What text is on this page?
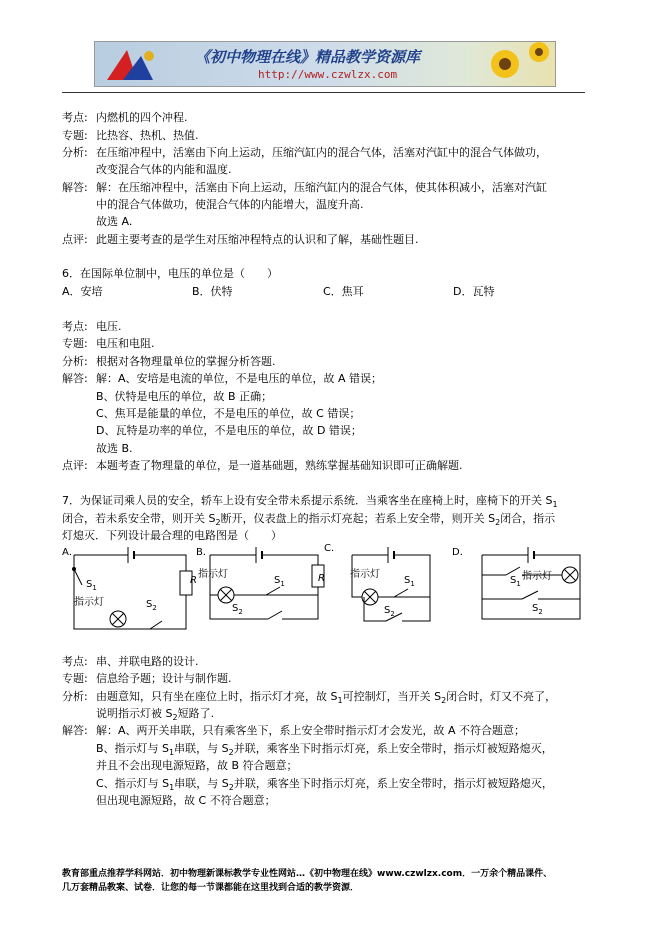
《初中物理在线》精品教学资源库
http://www.czwlzx.com
考点: 内燃机的四个冲程.
专题: 比热容、热机、热值.
分析: 在压缩冲程中，活塞由下向上运动，压缩汽缸内的混合气体，活塞对汽缸中的混合气体做功，
改变混合气体的内能和温度.
解答: 解：在压缩冲程中，活塞由下向上运动，压缩汽缸内的混合气体，使其体积减小，活塞对汽缸
中的混合气体做功，使混合气体的内能增大，温度升高.
故选 A.
点评: 此题主要考查的是学生对压缩冲程特点的认识和了解，基础性题目.
6．在国际单位制中，电压的单位是（　　）
A．安培	B．伏特	C．焦耳	D．瓦特
考点: 电压.
专题: 电压和电阻.
分析: 根据对各物理量单位的掌握分析答题.
解答: 解：A、安培是电流的单位，不是电压的单位，故 A 错误；
B、伏特是电压的单位，故 B 正确；
C、焦耳是能量的单位，不是电压的单位，故 C 错误；
D、瓦特是功率的单位，不是电压的单位，故 D 错误；
故选 B.
点评: 本题考查了物理量的单位，是一道基础题，熟练掌握基础知识即可正确解题.
7．为保证司乘人员的安全，轿车上设有安全带未系提示系统．当乘客坐在座椅上时，座椅下的开关 $S_1$
闭合，若未系安全带，则开关 $S_2$断开，仪表盘上的指示灯亮起；若系上安全带，则开关 $S_2$闭合，指示
灯熄灭．下列设计最合理的电路图是（　　）
A．
R
$S_1$
指示灯	$S_2$
B．
指示灯
$S_1$	R
$S_2$
C．
指示灯
$S_1$
$S_2$
D．
$S_1$
指示灯
$S_2$
考点: 串、并联电路的设计.
专题: 信息给予题；设计与制作题.
分析: 由题意知，只有坐在座位上时，指示灯才亮，故 $S_1$可控制灯，当开关 $S_2$闭合时，灯又不亮了，
说明指示灯被 $S_2$短路了.
解答: 解：A、两开关串联，只有乘客坐下，系上安全带时指示灯才会发光，故 A 不符合题意；
B、指示灯与 $S_1$串联，与 $S_2$并联，乘客坐下时指示灯亮，系上安全带时，指示灯被短路熄灭，
并且不会出现电源短路，故 B 符合题意；
C、指示灯与 $S_1$串联，与 $S_2$并联，乘客坐下时指示灯亮，系上安全带时，指示灯被短路熄灭，
但出现电源短路，故 C 不符合题意；
教育部重点推荐学科网站．初中物理新课标教学专业性网站…《初中物理在线》www.czwlzx.com．一万余个精品课件、
几万套精品教案、试卷．让您的每一节课都能在这里找到合适的教学资源．
